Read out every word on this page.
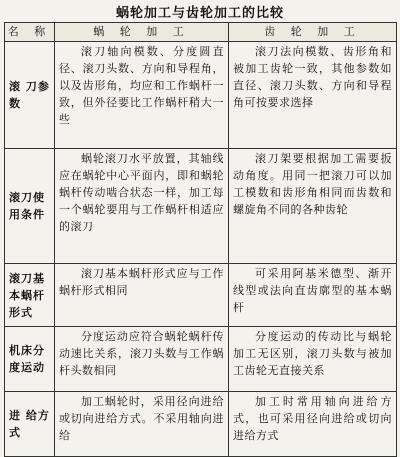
蜗轮加工与齿轮加工的比较
名 称	蜗 轮 加 工	齿 轮 加 工
滚 刀参数	滚刀轴向模数、分度圆直径、滚刀头数、方向和导程角，以及齿形角，均应和工作蜗杆一致，但外径要比工作蜗杆稍大一些	滚刀法向模数、齿形角和被加工齿轮一致，其他参数如直径、滚刀头数、方向和导程角可按要求选择
滚刀使用条件	蜗轮滚刀水平放置，其轴线应在蜗轮中心平面内，即和蜗轮蜗杆传动啮合状态一样，加工每一个蜗轮要用与工作蜗杆相适应的滚刀	滚刀架要根据加工需要扳动角度。用同一把滚刀可以加工模数和齿形角相同而齿数和螺旋角不同的各种齿轮
滚刀基本蜗杆形式	滚刀基本蜗杆形式应与工作蜗杆形式相同	可采用阿基米德型、渐开线型或法向直齿廓型的基本蜗杆
机床分度运动	分度运动应符合蜗轮蜗杆传动速比关系，滚刀头数与工作蜗杆头数相同	分度运动的传动比与蜗轮加工无区别，滚刀头数与被加工齿轮无直接关系
进 给方式	加工蜗轮时，采用径向进给或切向进给方式。不采用轴向进给	加工时常用轴向进给方式，也可采用径向进给或切向进给方式
